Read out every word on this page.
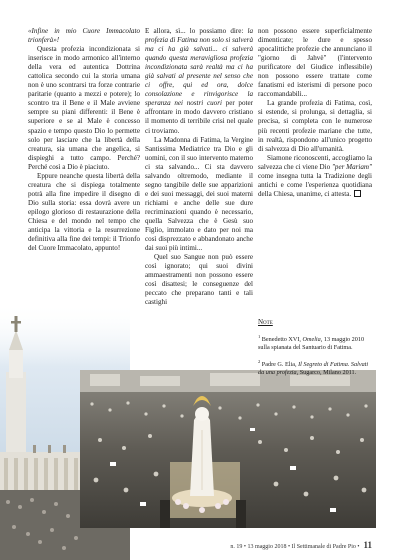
«Infine in mio Cuore Immacolato trionferà»!

Questa profezia incondizionata si inserisce in modo armonico all'interno della vera ed autentica Dottrina cattolica secondo cui la storia umana non è uno scontrarsi tra forze contrarie paritarie (quanto a mezzi e potere); lo scontro tra il Bene e il Male avviene sempre su piani differenti: il Bene è superiore e se al Male è concesso spazio e tempo questo Dio lo permette solo per lasciare che la libertà della creatura, sia umana che angelica, si dispieghi a tutto campo. Perché? Perché così a Dio è piaciuto.

Eppure neanche questa libertà della creatura che si dispiega totalmente potrà alla fine impedire il disegno di Dio sulla storia: essa dovrà avere un epilogo glorioso di restaurazione della Chiesa e del mondo nel tempo che anticipa la vittoria e la resurrezione definitiva alla fine dei tempi: il Trionfo del Cuore Immacolato, appunto!

E allora, sì... lo possiamo dire: la profezia di Fatima non solo si salverà ma ci ha già salvati... ci salverà quando questa meravigliosa profezia incondizionata sarà realtà ma ci ha già salvati al presente nel senso che ci offre, qui ed ora, dolce consolazione e rinvigorisce la speranza nei nostri cuori per poter affrontare in modo davvero cristiano il momento di terribile crisi nel quale ci troviamo.

La Madonna di Fatima, la Vergine Santissima Mediatrice tra Dio e gli uomini, con il suo intervento materno ci sta salvando... Ci sta davvero salvando oltremodo, mediante il segno tangibile delle sue apparizioni e dei suoi messaggi, dei suoi materni richiami e anche delle sue dure recriminazioni quando è necessario, quella Salvezza che è Gesù suo Figlio, immolato e dato per noi ma così disprezzato e abbandonato anche dai suoi più intimi...

Quel suo Sangue non può essere così ignorato; qui suoi divini ammaestramenti non possono essere così disattesi; le conseguenze del peccato che preparano tanti e tali castighi

non possono essere superficialmente dimenticate; le dure e spesso apocalittiche profezie che annunciano il "giorno di Jahvè" (l'intervento purificatore del Giudice inflessibile) non possono essere trattate come fanatismi ed isterismi di persone poco raccomandabili...

La grande profezia di Fatima, così, si estende, si prolunga, si dettaglia, si precisa, si completa con le numerose più recenti profezie mariane che tutte, in realtà, rispondono all'unico progetto di salvezza di Dio all'umanità.

Siamone riconoscenti, accogliamo la salvezza che ci viene Dio "per Mariam" come insegna tutta la Tradizione degli antichi e come l'esperienza quotidiana della Chiesa, unanime, ci attesta.

Note
$^1$ Benedetto XVI, Omelia, 13 maggio 2010 sulla spianata del Santuario di Fatima.
$^2$ Padre G. Elia, Il Segreto di Fatima. Salvati da una profezia, Sugarco, Milano 2011.
n. 19 • 13 maggio 2018 • Il Settimanale di Padre Pio • 11
